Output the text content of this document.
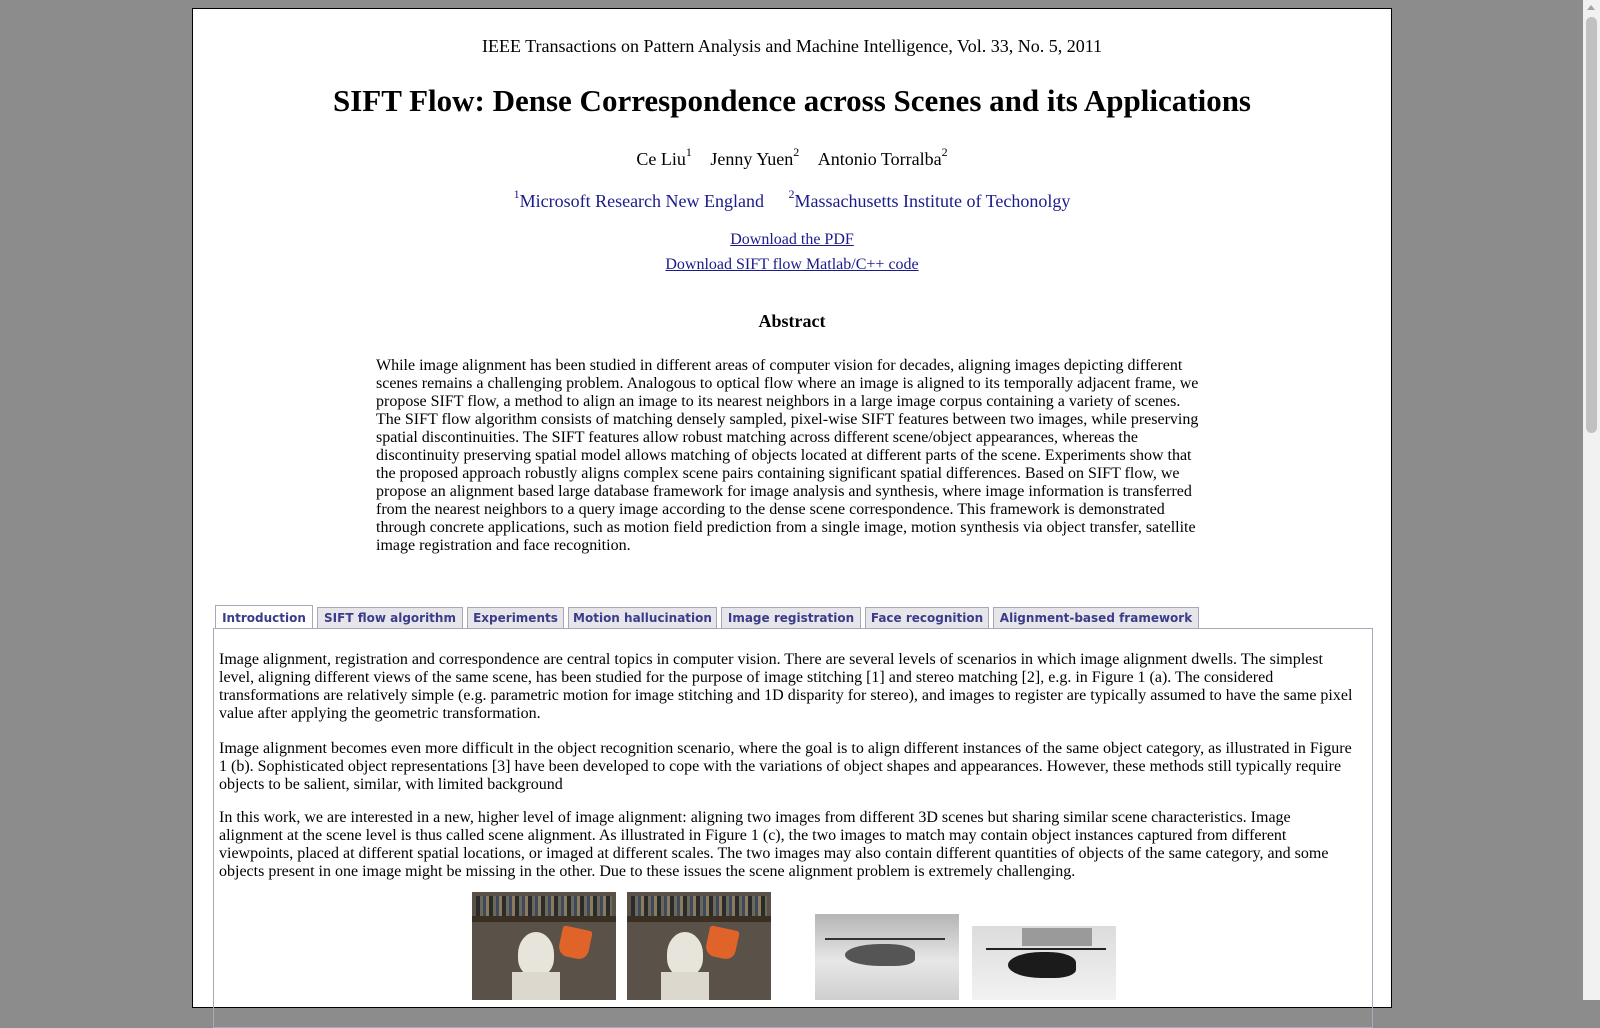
IEEE Transactions on Pattern Analysis and Machine Intelligence, Vol. 33, No. 5, 2011
SIFT Flow: Dense Correspondence across Scenes and its Applications
Ce Liu$^1$ Jenny Yuen$^2$ Antonio Torralba$^2$
$^1$Microsoft Research New England $^2$Massachusetts Institute of Techonolgy
Download the PDF
Download SIFT flow Matlab/C++ code
Abstract
While image alignment has been studied in different areas of computer vision for decades, aligning images depicting different scenes remains a challenging problem. Analogous to optical flow where an image is aligned to its temporally adjacent frame, we propose SIFT flow, a method to align an image to its nearest neighbors in a large image corpus containing a variety of scenes. The SIFT flow algorithm consists of matching densely sampled, pixel-wise SIFT features between two images, while preserving spatial discontinuities. The SIFT features allow robust matching across different scene/object appearances, whereas the discontinuity preserving spatial model allows matching of objects located at different parts of the scene. Experiments show that the proposed approach robustly aligns complex scene pairs containing significant spatial differences. Based on SIFT flow, we propose an alignment based large database framework for image analysis and synthesis, where image information is transferred from the nearest neighbors to a query image according to the dense scene correspondence. This framework is demonstrated through concrete applications, such as motion field prediction from a single image, motion synthesis via object transfer, satellite image registration and face recognition.
Introduction	SIFT flow algorithm	Experiments	Motion hallucination	Image registration	Face recognition	Alignment-based framework
Image alignment, registration and correspondence are central topics in computer vision. There are several levels of scenarios in which image alignment dwells. The simplest level, aligning different views of the same scene, has been studied for the purpose of image stitching [1] and stereo matching [2], e.g. in Figure 1 (a). The considered transformations are relatively simple (e.g. parametric motion for image stitching and 1D disparity for stereo), and images to register are typically assumed to have the same pixel value after applying the geometric transformation.
Image alignment becomes even more difficult in the object recognition scenario, where the goal is to align different instances of the same object category, as illustrated in Figure 1 (b). Sophisticated object representations [3] have been developed to cope with the variations of object shapes and appearances. However, these methods still typically require objects to be salient, similar, with limited background
In this work, we are interested in a new, higher level of image alignment: aligning two images from different 3D scenes but sharing similar scene characteristics. Image alignment at the scene level is thus called scene alignment. As illustrated in Figure 1 (c), the two images to match may contain object instances captured from different viewpoints, placed at different spatial locations, or imaged at different scales. The two images may also contain different quantities of objects of the same category, and some objects present in one image might be missing in the other. Due to these issues the scene alignment problem is extremely challenging.
